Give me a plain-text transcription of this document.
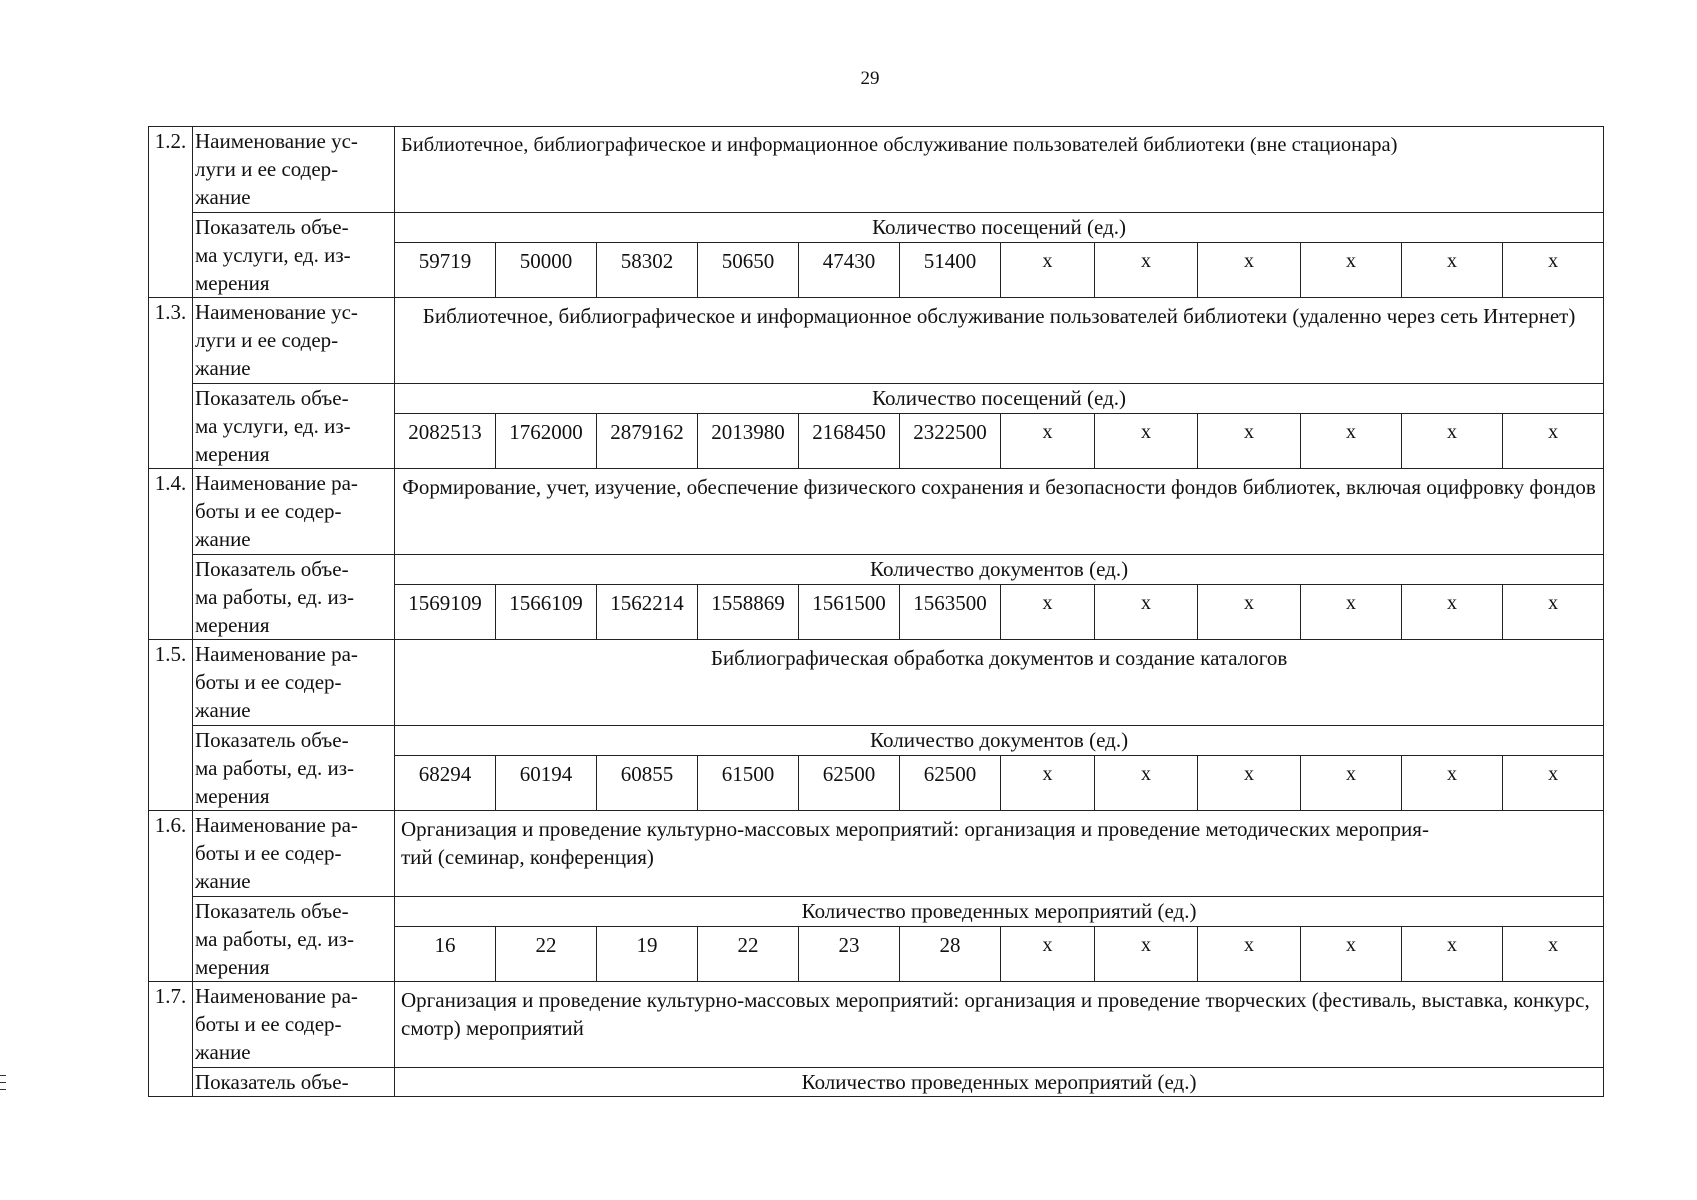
29
1.2.	Наименование ус-
луги и ее содер-
жание	Библиотечное, библиографическое и информационное обслуживание пользователей библиотеки (вне стационара)											
	Показатель объе-
ма услуги, ед. из-
мерения	Количество посещений (ед.)											
		59719	50000	58302	50650	47430	51400	x	x	x	x	x	x
1.3.	Наименование ус-
луги и ее содер-
жание	Библиотечное, библиографическое и информационное обслуживание пользователей библиотеки (удаленно через сеть Интернет)											
	Показатель объе-
ма услуги, ед. из-
мерения	Количество посещений (ед.)											
		2082513	1762000	2879162	2013980	2168450	2322500	x	x	x	x	x	x
1.4.	Наименование ра-
боты и ее содер-
жание	Формирование, учет, изучение, обеспечение физического сохранения и безопасности фондов библиотек, включая оцифровку фондов											
	Показатель объе-
ма работы, ед. из-
мерения	Количество документов (ед.)											
		1569109	1566109	1562214	1558869	1561500	1563500	x	x	x	x	x	x
1.5.	Наименование ра-
боты и ее содер-
жание	Библиографическая обработка документов и создание каталогов											
	Показатель объе-
ма работы, ед. из-
мерения	Количество документов (ед.)											
		68294	60194	60855	61500	62500	62500	x	x	x	x	x	x
1.6.	Наименование ра-
боты и ее содер-
жание	Организация и проведение культурно-массовых мероприятий: организация и проведение методических мероприя-
тий (семинар, конференция)											
	Показатель объе-
ма работы, ед. из-
мерения	Количество проведенных мероприятий (ед.)											
		16	22	19	22	23	28	x	x	x	x	x	x
1.7.	Наименование ра-
боты и ее содер-
жание	Организация и проведение культурно-массовых мероприятий: организация и проведение творческих (фестиваль, выставка, конкурс, смотр) мероприятий											
	Показатель объе-	Количество проведенных мероприятий (ед.)											
